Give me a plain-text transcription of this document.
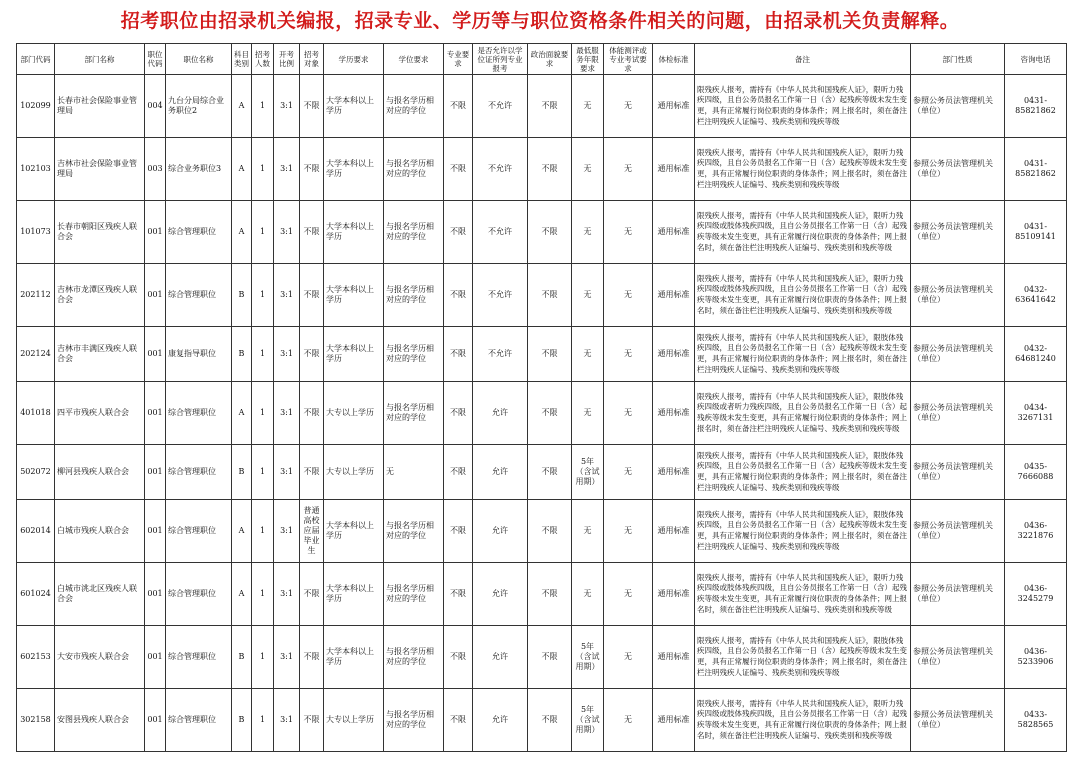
招考职位由招录机关编报，招录专业、学历等与职位资格条件相关的问题，由招录机关负责解释。
部门代码	部门名称	职位代码	职位名称	科目类别	招考人数	开考比例	招考对象	学历要求	学位要求	专业要求	是否允许以学位证所列专业报考	政治面貌要求	最低服务年限要求	体能测评或专业考试要求	体检标准	备注	部门性质	咨询电话
102099	长春市社会保险事业管理局	004	九台分局综合业务职位2	A	1	3:1	不限	大学本科以上学历	与报名学历相对应的学位	不限	不允许	不限	无	无	通用标准	限残疾人报考，需持有《中华人民共和国残疾人证》，限听力残疾四级，且自公务员报名工作第一日（含）起残疾等级未发生变更，具有正常履行岗位职责的身体条件；网上报名时，须在备注栏注明残疾人证编号、残疾类别和残疾等级	参照公务员法管理机关（单位）	0431-85821862
102103	吉林市社会保险事业管理局	003	综合业务职位3	A	1	3:1	不限	大学本科以上学历	与报名学历相对应的学位	不限	不允许	不限	无	无	通用标准	限残疾人报考，需持有《中华人民共和国残疾人证》，限听力残疾四级，且自公务员报名工作第一日（含）起残疾等级未发生变更，具有正常履行岗位职责的身体条件；网上报名时，须在备注栏注明残疾人证编号、残疾类别和残疾等级	参照公务员法管理机关（单位）	0431-85821862
101073	长春市朝阳区残疾人联合会	001	综合管理职位	A	1	3:1	不限	大学本科以上学历	与报名学历相对应的学位	不限	不允许	不限	无	无	通用标准	限残疾人报考，需持有《中华人民共和国残疾人证》，限听力残疾四级或肢体残疾四级，且自公务员报名工作第一日（含）起残疾等级未发生变更，具有正常履行岗位职责的身体条件；网上报名时，须在备注栏注明残疾人证编号、残疾类别和残疾等级	参照公务员法管理机关（单位）	0431-85109141
202112	吉林市龙潭区残疾人联合会	001	综合管理职位	B	1	3:1	不限	大学本科以上学历	与报名学历相对应的学位	不限	不允许	不限	无	无	通用标准	限残疾人报考，需持有《中华人民共和国残疾人证》，限听力残疾四级或肢体残疾四级，且自公务员报名工作第一日（含）起残疾等级未发生变更，具有正常履行岗位职责的身体条件；网上报名时，须在备注栏注明残疾人证编号、残疾类别和残疾等级	参照公务员法管理机关（单位）	0432-63641642
202124	吉林市丰满区残疾人联合会	001	康复指导职位	B	1	3:1	不限	大学本科以上学历	与报名学历相对应的学位	不限	不允许	不限	无	无	通用标准	限残疾人报考，需持有《中华人民共和国残疾人证》，限肢体残疾四级，且自公务员报名工作第一日（含）起残疾等级未发生变更，具有正常履行岗位职责的身体条件；网上报名时，须在备注栏注明残疾人证编号、残疾类别和残疾等级	参照公务员法管理机关（单位）	0432-64681240
401018	四平市残疾人联合会	001	综合管理职位	A	1	3:1	不限	大专以上学历	与报名学历相对应的学位	不限	允许	不限	无	无	通用标准	限残疾人报考，需持有《中华人民共和国残疾人证》，限肢体残疾四级或者听力残疾四级，且自公务员报名工作第一日（含）起残疾等级未发生变更，具有正常履行岗位职责的身体条件；网上报名时，须在备注栏注明残疾人证编号、残疾类别和残疾等级	参照公务员法管理机关（单位）	0434-3267131
502072	柳河县残疾人联合会	001	综合管理职位	B	1	3:1	不限	大专以上学历	无	不限	允许	不限	5年（含试用期）	无	通用标准	限残疾人报考，需持有《中华人民共和国残疾人证》，限肢体残疾四级，且自公务员报名工作第一日（含）起残疾等级未发生变更，具有正常履行岗位职责的身体条件；网上报名时，须在备注栏注明残疾人证编号、残疾类别和残疾等级	参照公务员法管理机关（单位）	0435-7666088
602014	白城市残疾人联合会	001	综合管理职位	A	1	3:1	普通高校应届毕业生	大学本科以上学历	与报名学历相对应的学位	不限	允许	不限	无	无	通用标准	限残疾人报考，需持有《中华人民共和国残疾人证》，限肢体残疾四级，且自公务员报名工作第一日（含）起残疾等级未发生变更，具有正常履行岗位职责的身体条件；网上报名时，须在备注栏注明残疾人证编号、残疾类别和残疾等级	参照公务员法管理机关（单位）	0436-3221876
601024	白城市洮北区残疾人联合会	001	综合管理职位	A	1	3:1	不限	大学本科以上学历	与报名学历相对应的学位	不限	允许	不限	无	无	通用标准	限残疾人报考，需持有《中华人民共和国残疾人证》，限听力残疾四级或肢体残疾四级，且自公务员报名工作第一日（含）起残疾等级未发生变更，具有正常履行岗位职责的身体条件；网上报名时，须在备注栏注明残疾人证编号、残疾类别和残疾等级	参照公务员法管理机关（单位）	0436-3245279
602153	大安市残疾人联合会	001	综合管理职位	B	1	3:1	不限	大学本科以上学历	与报名学历相对应的学位	不限	允许	不限	5年（含试用期）	无	通用标准	限残疾人报考，需持有《中华人民共和国残疾人证》，限肢体残疾四级，且自公务员报名工作第一日（含）起残疾等级未发生变更，具有正常履行岗位职责的身体条件；网上报名时，须在备注栏注明残疾人证编号、残疾类别和残疾等级	参照公务员法管理机关（单位）	0436-5233906
302158	安图县残疾人联合会	001	综合管理职位	B	1	3:1	不限	大专以上学历	与报名学历相对应的学位	不限	允许	不限	5年（含试用期）	无	通用标准	限残疾人报考，需持有《中华人民共和国残疾人证》，限听力残疾四级或肢体残疾四级，且自公务员报名工作第一日（含）起残疾等级未发生变更，具有正常履行岗位职责的身体条件；网上报名时，须在备注栏注明残疾人证编号、残疾类别和残疾等级	参照公务员法管理机关（单位）	0433-5828565
